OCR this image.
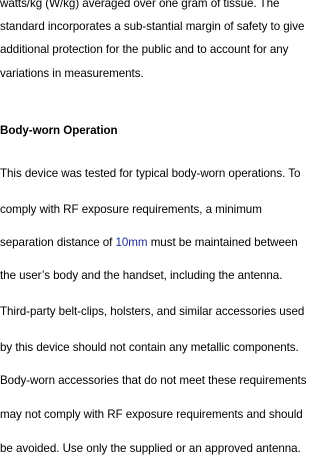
watts/kg (W/kg) averaged over one gram of tissue. The
standard incorporates a sub-stantial margin of safety to give
additional protection for the public and to account for any
variations in measurements.
Body-worn Operation
This device was tested for typical body-worn operations. To
comply with RF exposure requirements, a minimum
separation distance of 10mm must be maintained between
the user’s body and the handset, including the antenna.
Third-party belt-clips, holsters, and similar accessories used
by this device should not contain any metallic components.
Body-worn accessories that do not meet these requirements
may not comply with RF exposure requirements and should
be avoided. Use only the supplied or an approved antenna.
